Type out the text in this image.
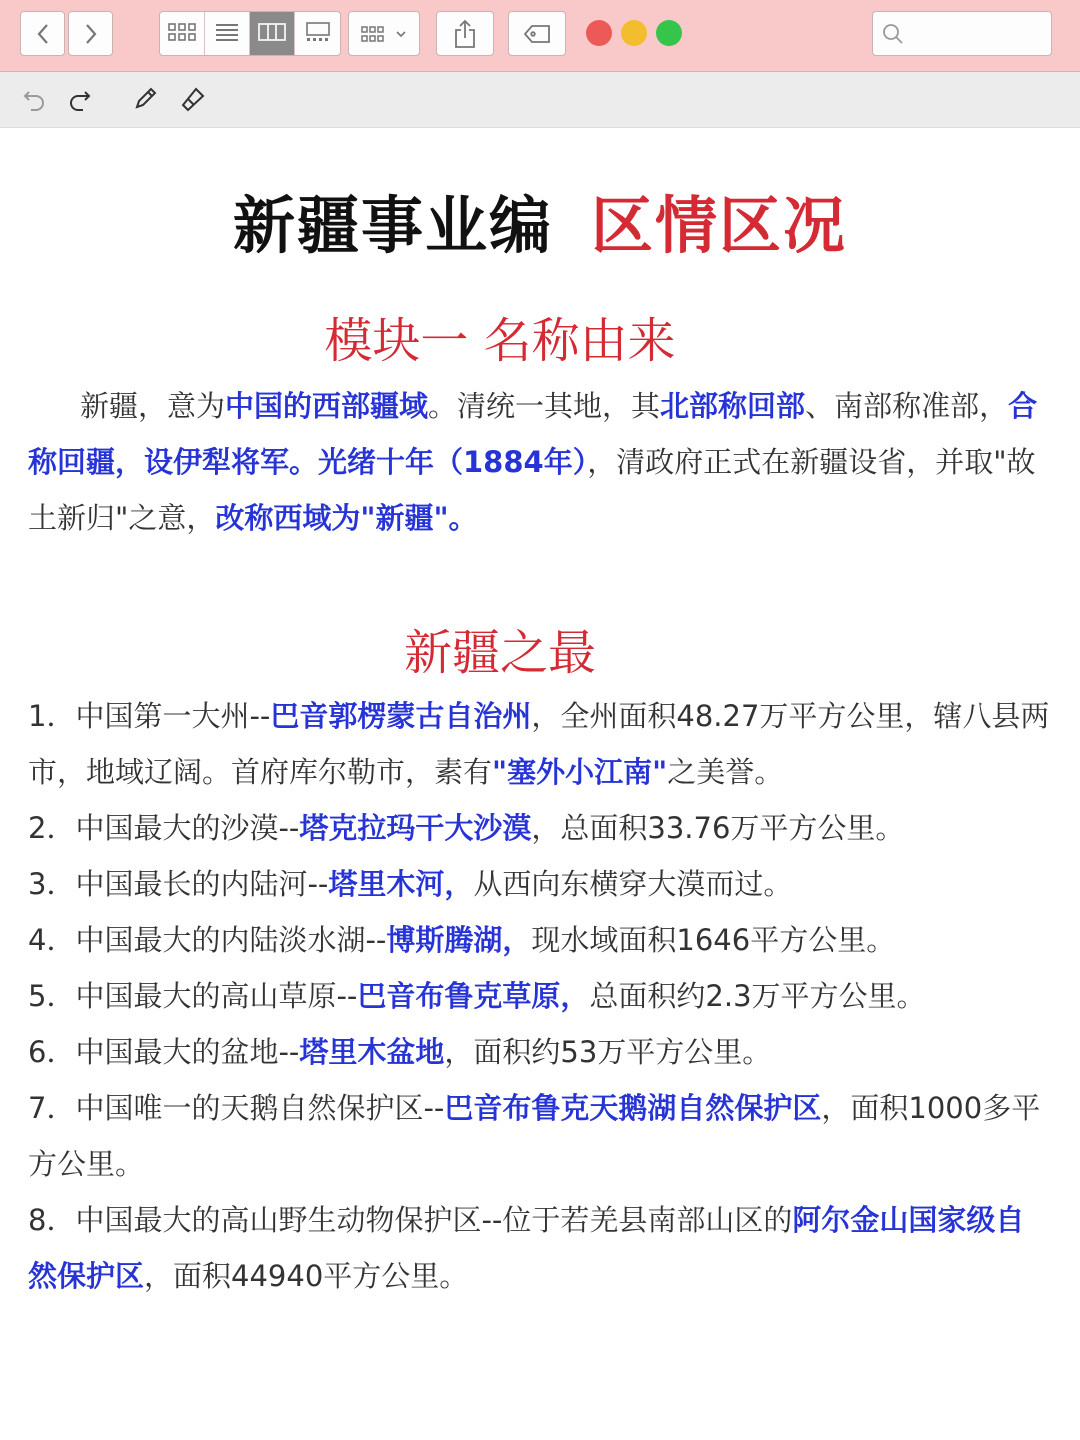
新疆事业编 区情区况
模块一 名称由来
新疆，意为中国的西部疆域。清统一其地，其北部称回部、南部称准部，合称回疆，设伊犁将军。光绪十年（1884年），清政府正式在新疆设省，并取"故土新归"之意，改称西域为"新疆"。
新疆之最
1．中国第一大州--巴音郭楞蒙古自治州，全州面积48.27万平方公里，辖八县两市，地域辽阔。首府库尔勒市，素有"塞外小江南"之美誉。
2．中国最大的沙漠--塔克拉玛干大沙漠，总面积33.76万平方公里。
3．中国最长的内陆河--塔里木河，从西向东横穿大漠而过。
4．中国最大的内陆淡水湖--博斯腾湖，现水域面积1646平方公里。
5．中国最大的高山草原--巴音布鲁克草原，总面积约2.3万平方公里。
6．中国最大的盆地--塔里木盆地，面积约53万平方公里。
7．中国唯一的天鹅自然保护区--巴音布鲁克天鹅湖自然保护区，面积1000多平方公里。
8．中国最大的高山野生动物保护区--位于若羌县南部山区的阿尔金山国家级自然保护区，面积44940平方公里。
